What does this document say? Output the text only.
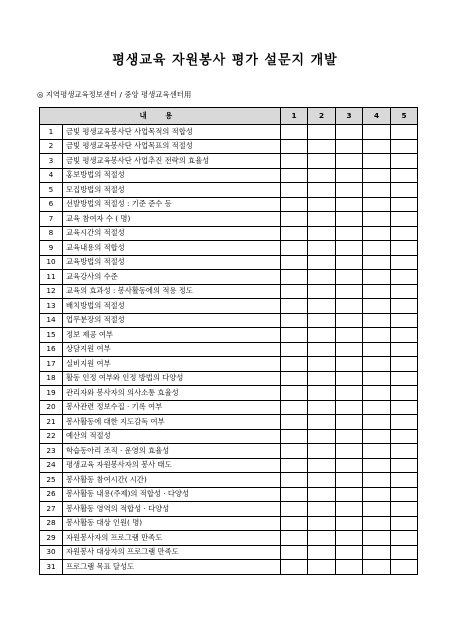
평생교육 자원봉사 평가 설문지 개발
◎ 지역평생교육정보센터 / 중앙 평생교육센터用
내 용		1	2	3	4	5
1	금빛 평생교육봉사단 사업목적의 적합성					
2	금빛 평생교육봉사단 사업목표의 적절성					
3	금빛 평생교육봉사단 사업추진 전략의 효율성					
4	홍보방법의 적절성					
5	모집방법의 적절성					
6	선발방법의 적절성 : 기준 준수 등					
7	교육 참여자 수 ( 명)					
8	교육시간의 적절성					
9	교육내용의 적합성					
10	교육방법의 적절성					
11	교육강사의 수준					
12	교육의 효과성 : 봉사활동에의 적용 정도					
13	배치방법의 적절성					
14	업무분장의 적절성					
15	정보 제공 여부					
16	상담지원 여부					
17	실비지원 여부					
18	활동 인정 여부와 인정 방법의 다양성					
19	관리자와 봉사자의 의사소통 효율성					
20	봉사관련 정보수집 · 기록 여부					
21	봉사활동에 대한 지도감독 여부					
22	예산의 적절성					
23	학습동아리 조직 · 운영의 효율성					
24	평생교육 자원봉사자의 봉사 태도					
25	봉사활동 참여시간( 시간)					
26	봉사활동 내용(주제)의 적합성 · 다양성					
27	봉사활동 영역의 적합성 · 다양성					
28	봉사활동 대상 인원( 명)					
29	자원봉사자의 프로그램 만족도					
30	자원봉사 대상자의 프로그램 만족도					
31	프로그램 목표 달성도					
